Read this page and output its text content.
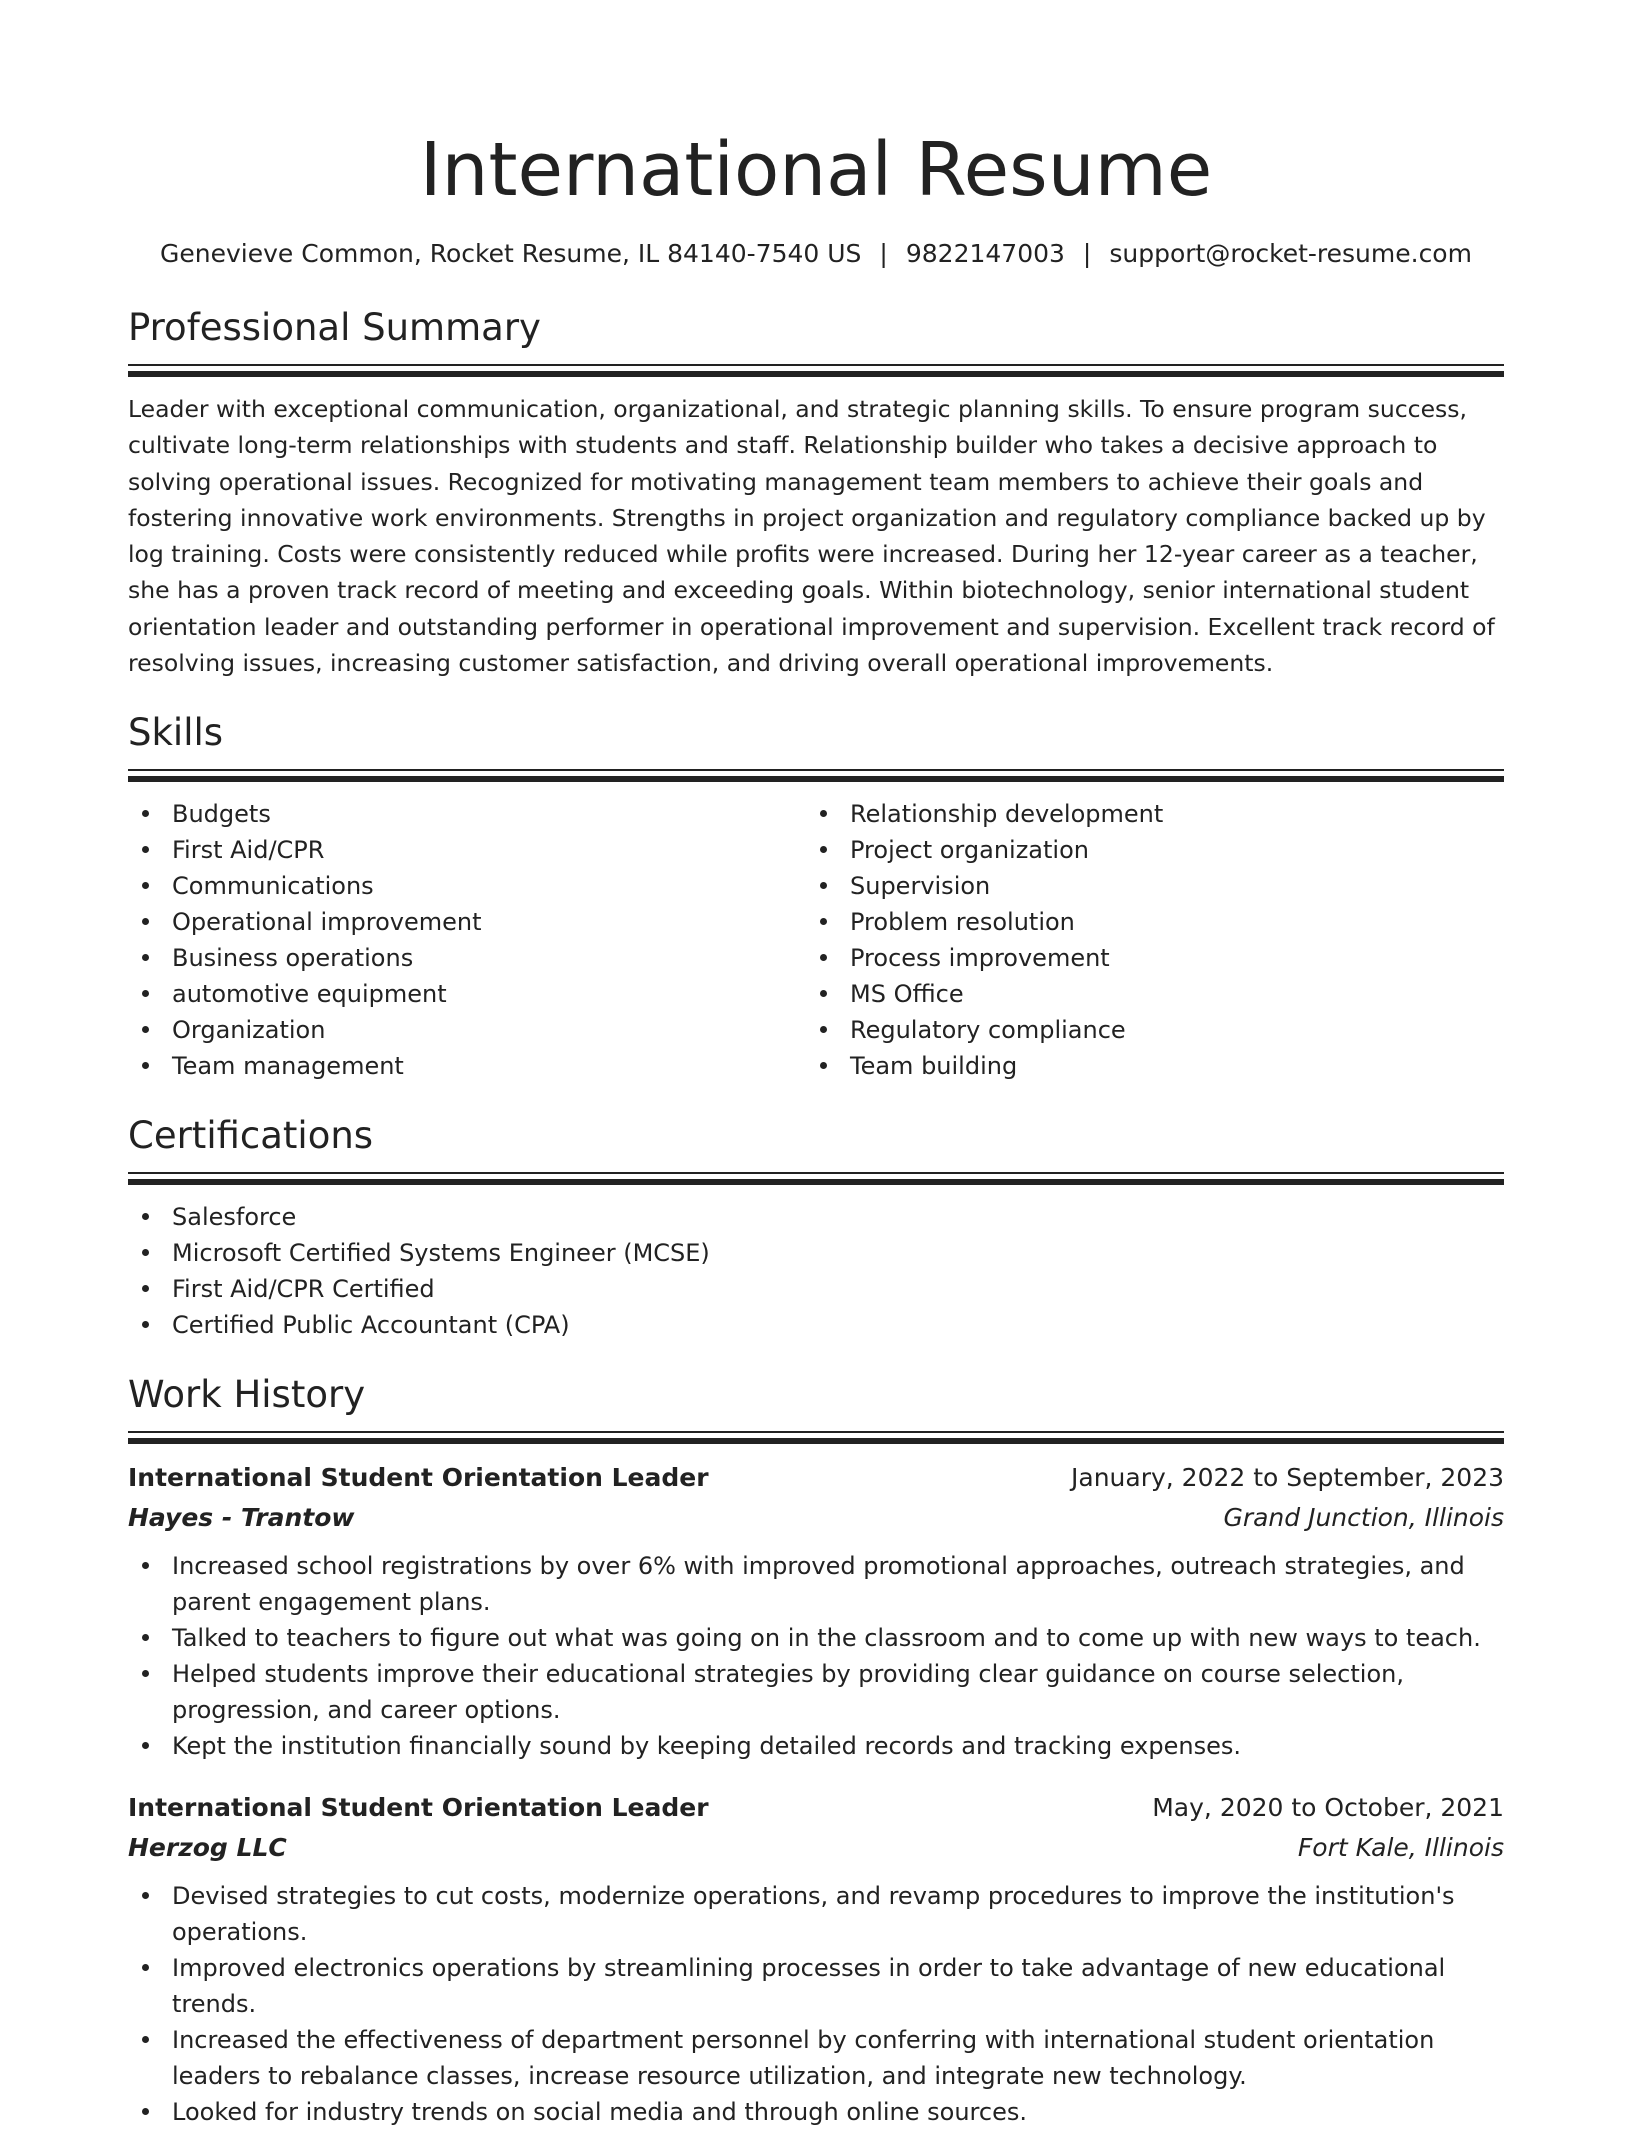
International Resume
Genevieve Common, Rocket Resume, IL 84140-7540 US | 9822147003 | support@rocket-resume.com
Professional Summary

Leader with exceptional communication, organizational, and strategic planning skills. To ensure program success, cultivate long-term relationships with students and staff. Relationship builder who takes a decisive approach to solving operational issues. Recognized for motivating management team members to achieve their goals and fostering innovative work environments. Strengths in project organization and regulatory compliance backed up by log training. Costs were consistently reduced while profits were increased. During her 12-year career as a teacher, she has a proven track record of meeting and exceeding goals. Within biotechnology, senior international student orientation leader and outstanding performer in operational improvement and supervision. Excellent track record of resolving issues, increasing customer satisfaction, and driving overall operational improvements.

Skills
Budgets
First Aid/CPR
Communications
Operational improvement
Business operations
automotive equipment
Organization
Team management
Relationship development
Project organization
Supervision
Problem resolution
Process improvement
MS Office
Regulatory compliance
Team building
Certifications
Salesforce
Microsoft Certified Systems Engineer (MCSE)
First Aid/CPR Certified
Certified Public Accountant (CPA)
Work History
International Student Orientation Leader	January, 2022 to September, 2023
Hayes - Trantow	Grand Junction, Illinois
Increased school registrations by over 6% with improved promotional approaches, outreach strategies, and parent engagement plans.
Talked to teachers to figure out what was going on in the classroom and to come up with new ways to teach.
Helped students improve their educational strategies by providing clear guidance on course selection, progression, and career options.
Kept the institution financially sound by keeping detailed records and tracking expenses.
International Student Orientation Leader	May, 2020 to October, 2021
Herzog LLC	Fort Kale, Illinois
Devised strategies to cut costs, modernize operations, and revamp procedures to improve the institution's operations.
Improved electronics operations by streamlining processes in order to take advantage of new educational trends.
Increased the effectiveness of department personnel by conferring with international student orientation leaders to rebalance classes, increase resource utilization, and integrate new technology.
Looked for industry trends on social media and through online sources.
